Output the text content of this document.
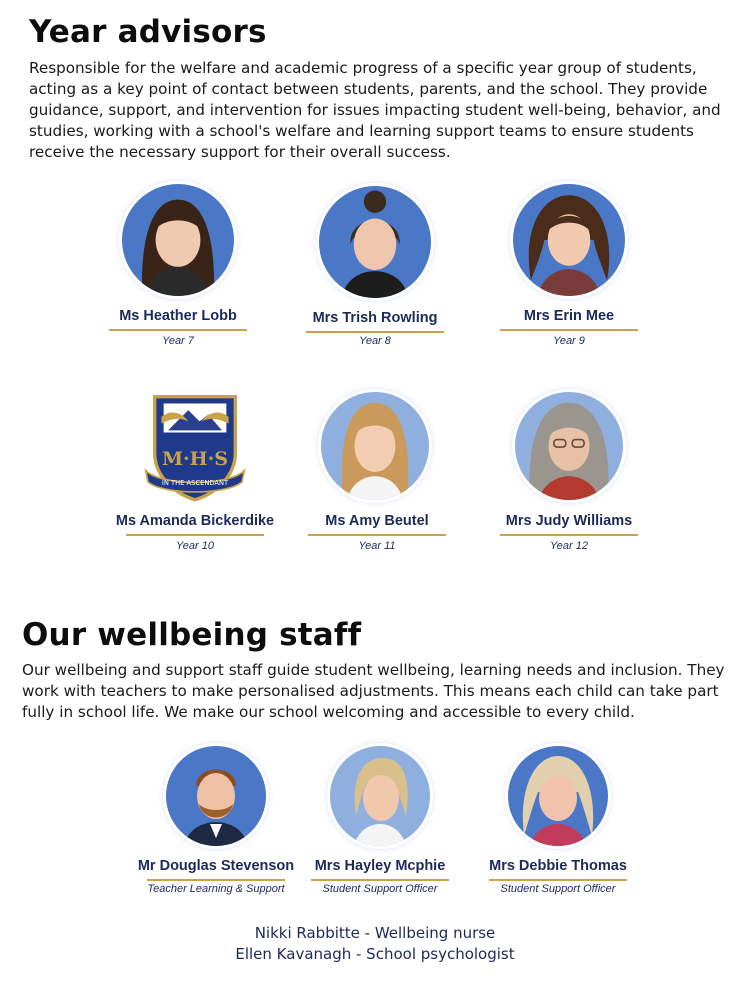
Year advisors

Responsible for the welfare and academic progress of a specific year group of students, acting as a key point of contact between students, parents, and the school. They provide guidance, support, and intervention for issues impacting student well-being, behavior, and studies, working with a school's welfare and learning support teams to ensure students receive the necessary support for their overall success.

Ms Heather Lobb
Year 7
Mrs Trish Rowling
Year 8
Mrs Erin Mee
Year 9
M·H·S
IN THE ASCENDANT
Ms Amanda Bickerdike
Year 10
Ms Amy Beutel
Year 11
Mrs Judy Williams
Year 12
Our wellbeing staff

Our wellbeing and support staff guide student wellbeing, learning needs and inclusion. They work with teachers to make personalised adjustments. This means each child can take part fully in school life. We make our school welcoming and accessible to every child.

Mr Douglas Stevenson
Teacher Learning & Support
Mrs Hayley Mcphie
Student Support Officer
Mrs Debbie Thomas
Student Support Officer
Nikki Rabbitte - Wellbeing nurse
Ellen Kavanagh - School psychologist
